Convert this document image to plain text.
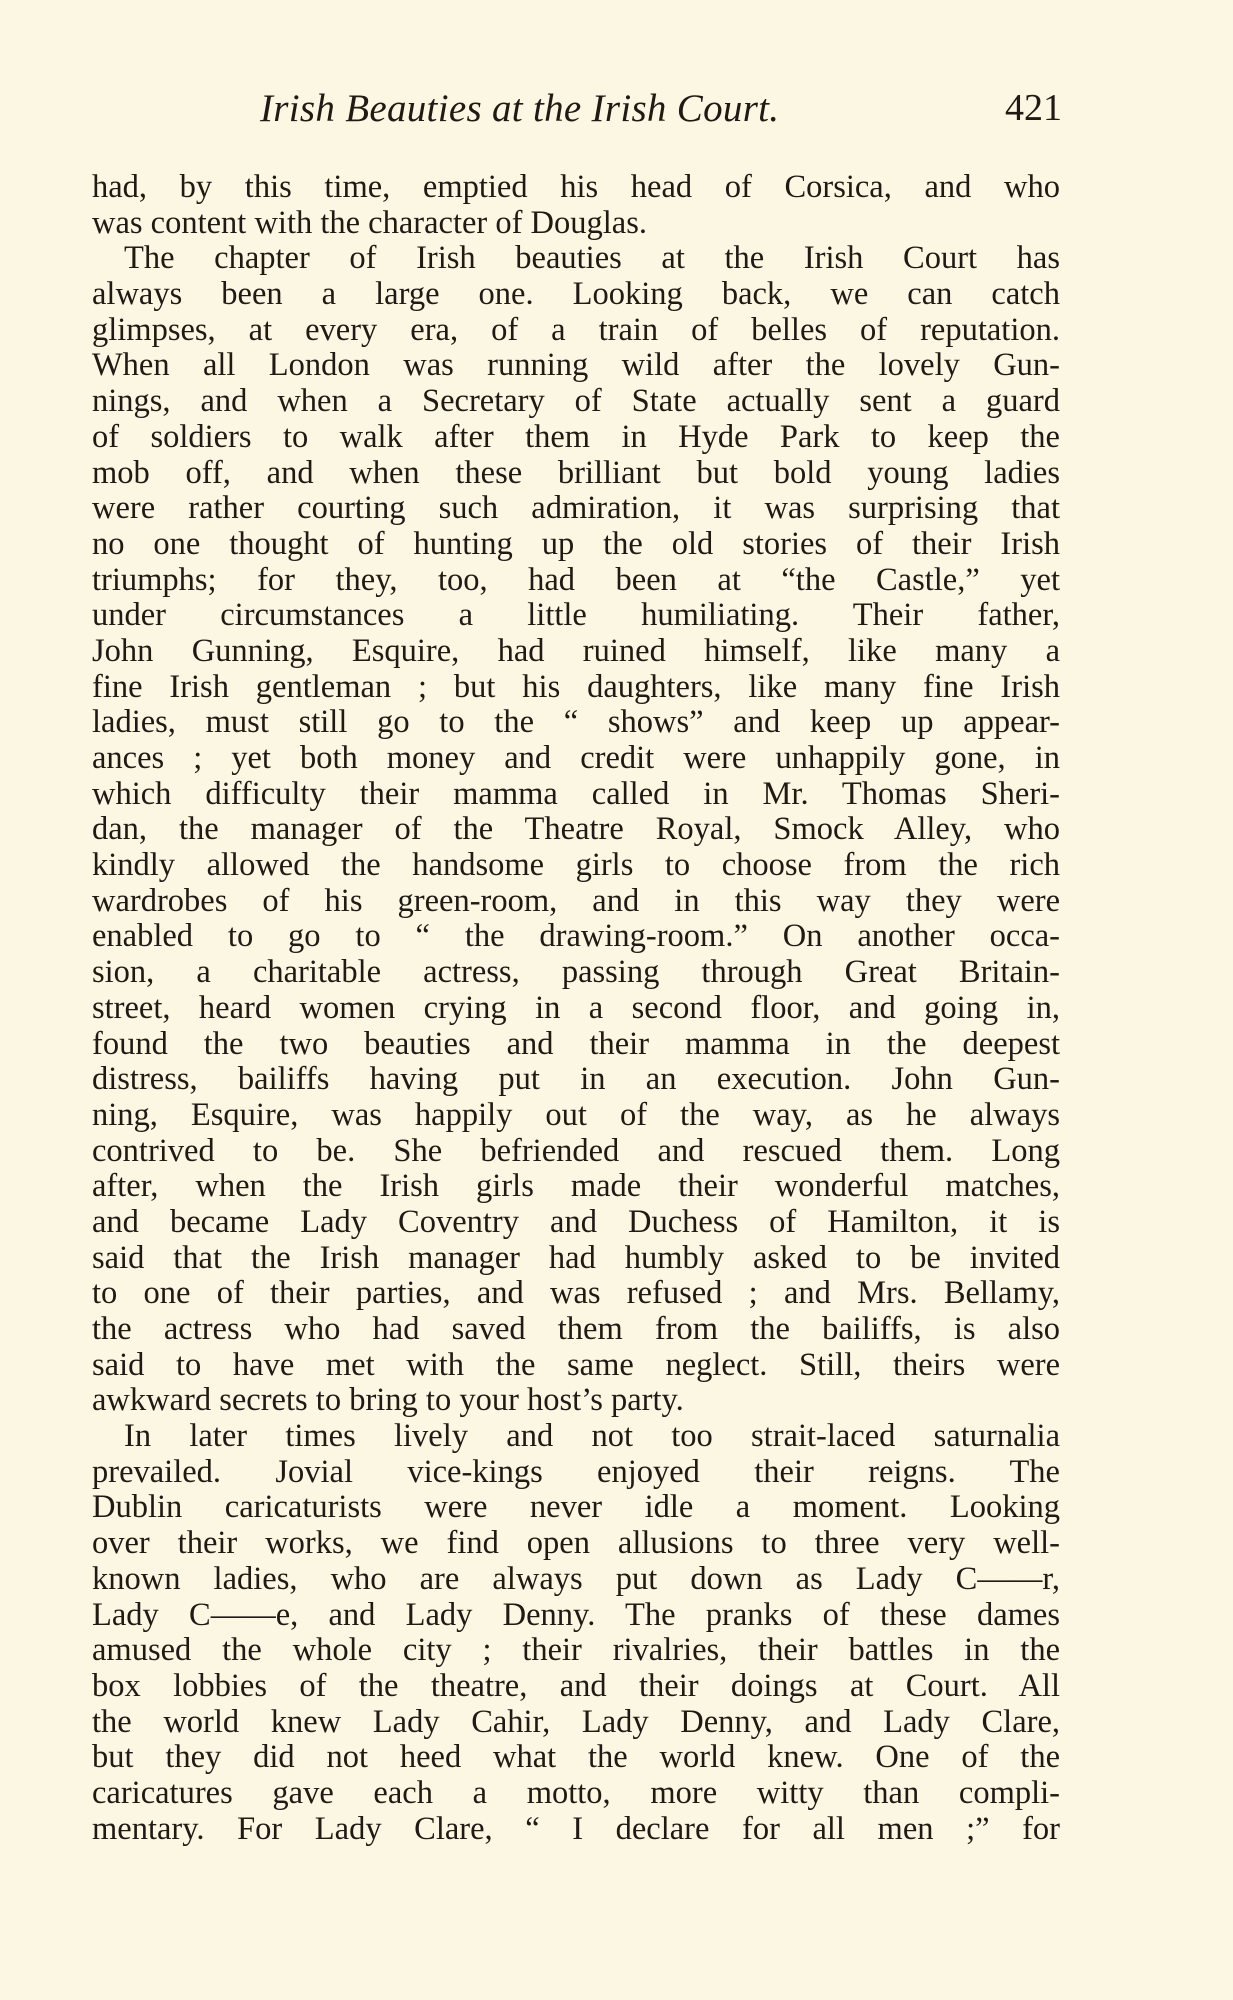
Irish Beauties at the Irish Court.	421
had, by this time, emptied his head of Corsica, and who
was content with the character of Douglas.
The chapter of Irish beauties at the Irish Court has
always been a large one. Looking back, we can catch
glimpses, at every era, of a train of belles of reputation.
When all London was running wild after the lovely Gun-
nings, and when a Secretary of State actually sent a guard
of soldiers to walk after them in Hyde Park to keep the
mob off, and when these brilliant but bold young ladies
were rather courting such admiration, it was surprising that
no one thought of hunting up the old stories of their Irish
triumphs; for they, too, had been at “the Castle,” yet
under circumstances a little humiliating. Their father,
John Gunning, Esquire, had ruined himself, like many a
fine Irish gentleman ; but his daughters, like many fine Irish
ladies, must still go to the “ shows” and keep up appear-
ances ; yet both money and credit were unhappily gone, in
which difficulty their mamma called in Mr. Thomas Sheri-
dan, the manager of the Theatre Royal, Smock Alley, who
kindly allowed the handsome girls to choose from the rich
wardrobes of his green-room, and in this way they were
enabled to go to “ the drawing-room.” On another occa-
sion, a charitable actress, passing through Great Britain-
street, heard women crying in a second floor, and going in,
found the two beauties and their mamma in the deepest
distress, bailiffs having put in an execution. John Gun-
ning, Esquire, was happily out of the way, as he always
contrived to be. She befriended and rescued them. Long
after, when the Irish girls made their wonderful matches,
and became Lady Coventry and Duchess of Hamilton, it is
said that the Irish manager had humbly asked to be invited
to one of their parties, and was refused ; and Mrs. Bellamy,
the actress who had saved them from the bailiffs, is also
said to have met with the same neglect. Still, theirs were
awkward secrets to bring to your host’s party.
In later times lively and not too strait-laced saturnalia
prevailed. Jovial vice-kings enjoyed their reigns. The
Dublin caricaturists were never idle a moment. Looking
over their works, we find open allusions to three very well-
known ladies, who are always put down as Lady C——r,
Lady C——e, and Lady Denny. The pranks of these dames
amused the whole city ; their rivalries, their battles in the
box lobbies of the theatre, and their doings at Court. All
the world knew Lady Cahir, Lady Denny, and Lady Clare,
but they did not heed what the world knew. One of the
caricatures gave each a motto, more witty than compli-
mentary. For Lady Clare, “ I declare for all men ;” for
